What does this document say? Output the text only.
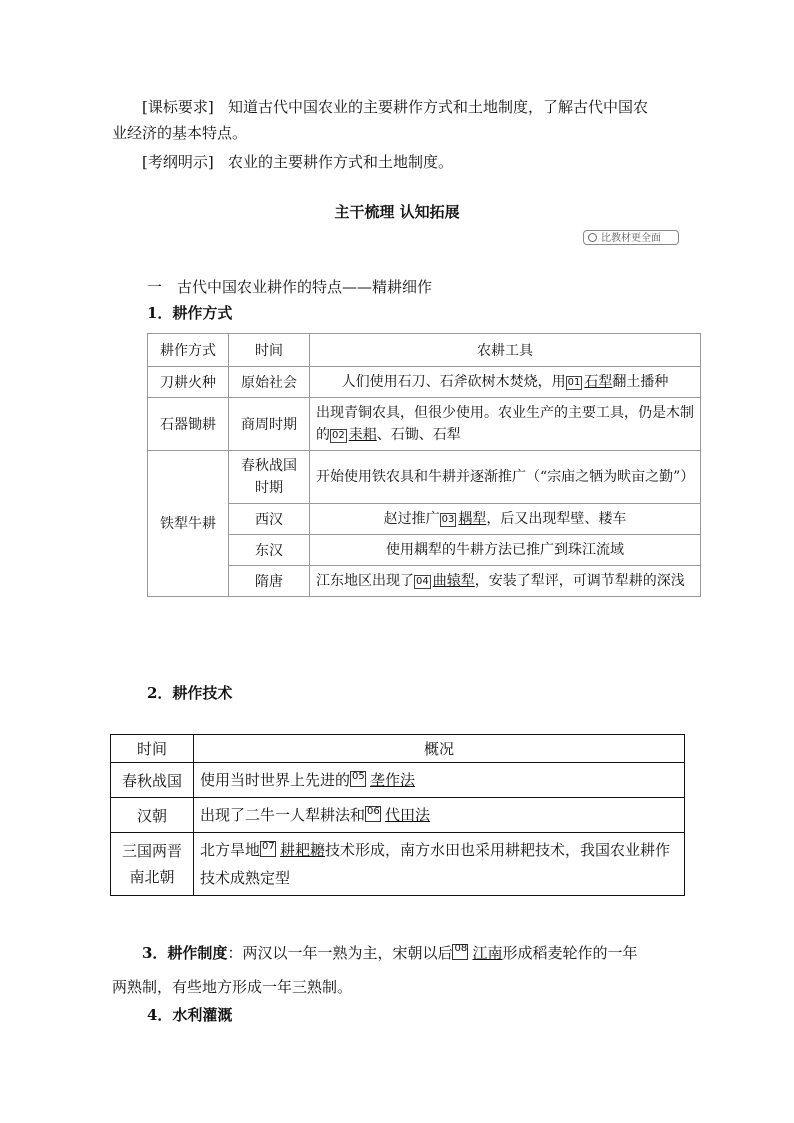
[课标要求] 知道古代中国农业的主要耕作方式和土地制度，了解古代中国农
业经济的基本特点。
[考纲明示] 农业的主要耕作方式和土地制度。
主干梳理 认知拓展
比教材更全面
一　古代中国农业耕作的特点——精耕细作
1．耕作方式
耕作方式	时间	农耕工具
刀耕火种	原始社会	人们使用石刀、石斧砍树木焚烧，用 01 石犁翻土播种
石器锄耕	商周时期	出现青铜农具，但很少使用。农业生产的主要工具，仍是木制的 02 耒耜、石锄、石犁
铁犁牛耕	春秋战国时期	开始使用铁农具和牛耕并逐渐推广（“宗庙之牺为畎亩之勤”）
	西汉	赵过推广 03 耦犁，后又出现犁壁、耧车
	东汉	使用耦犁的牛耕方法已推广到珠江流域
	隋唐	江东地区出现了 04 曲辕犁，安装了犁评，可调节犁耕的深浅
2．耕作技术
时间	概况
春秋战国	使用当时世界上先进的 05 垄作法
汉朝	出现了二牛一人犁耕法和 06 代田法
三国两晋南北朝	北方旱地 07 耕耙耱技术形成，南方水田也采用耕耙技术，我国农业耕作技术成熟定型
3．耕作制度：两汉以一年一熟为主，宋朝以后 08 江南形成稻麦轮作的一年
两熟制，有些地方形成一年三熟制。
4．水利灌溉
